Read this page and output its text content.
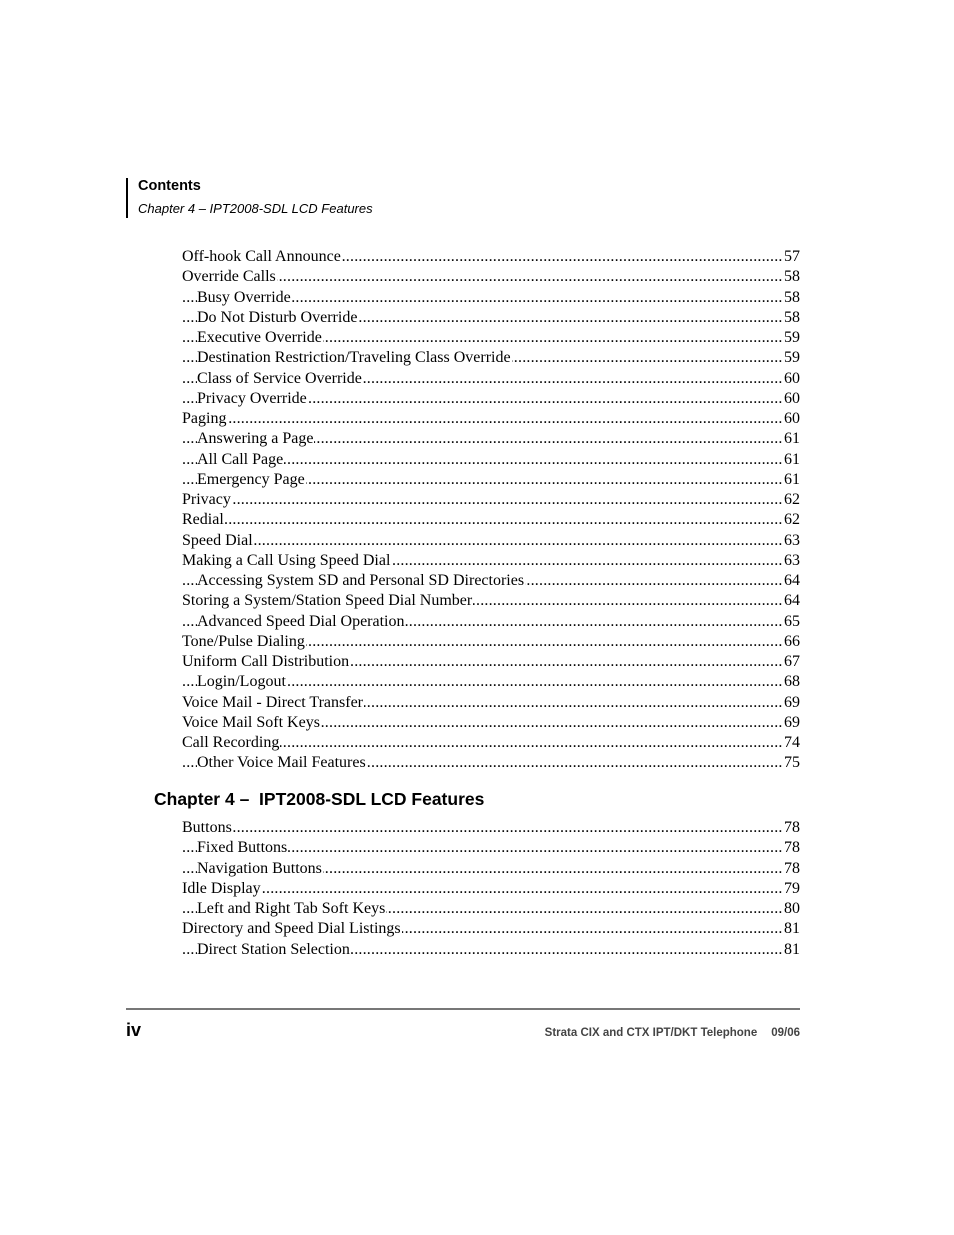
Contents
Chapter 4 – IPT2008-SDL LCD Features
.....
Off-hook Call Announce	57
.....
Override Calls	58
.....
Busy Override	58
.....
Do Not Disturb Override	58
.....
Executive Override	59
.....
Destination Restriction/Traveling Class Override	59
.....
Class of Service Override	60
.....
Privacy Override	60
.....
Paging	60
.....
Answering a Page	61
.....
All Call Page	61
.....
Emergency Page	61
.....
Privacy	62
.....
Redial	62
.....
Speed Dial	63
.....
Making a Call Using Speed Dial	63
.....
Accessing System SD and Personal SD Directories	64
.....
Storing a System/Station Speed Dial Number	64
.....
Advanced Speed Dial Operation	65
.....
Tone/Pulse Dialing	66
.....
Uniform Call Distribution	67
.....
Login/Logout	68
.....
Voice Mail - Direct Transfer	69
.....
Voice Mail Soft Keys	69
.....
Call Recording	74
.....
Other Voice Mail Features	75
Chapter 4 –  IPT2008-SDL LCD Features
.....
Buttons	78
.....
Fixed Buttons	78
.....
Navigation Buttons	78
.....
Idle Display	79
.....
Left and Right Tab Soft Keys	80
.....
Directory and Speed Dial Listings	81
.....
Direct Station Selection	81
iv	Strata CIX and CTX IPT/DKT Telephone 09/06
